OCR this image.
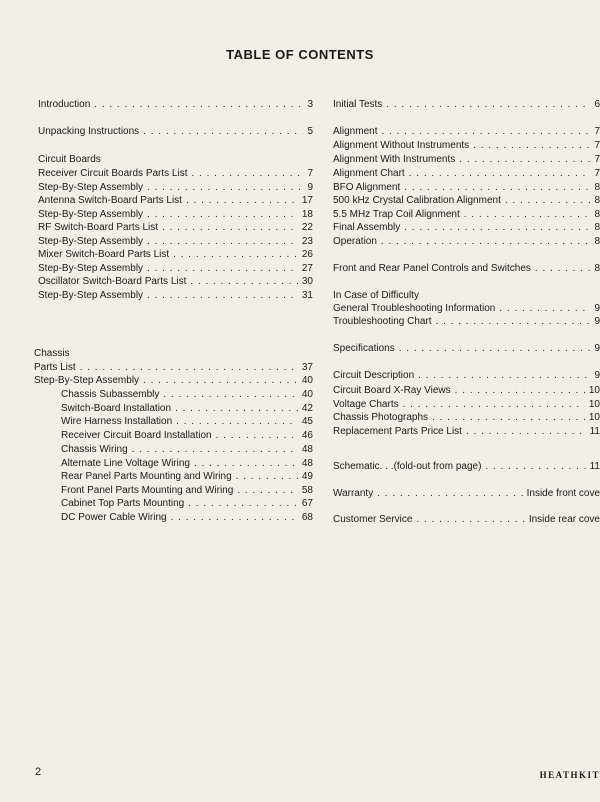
TABLE OF CONTENTS
Introduction . . .	3
Unpacking Instructions . . .	5
Circuit Boards
Receiver Circuit Boards Parts List . . .	7
Step-By-Step Assembly . . .	9
Antenna Switch-Board Parts List . . .	17
Step-By-Step Assembly . . .	18
RF Switch-Board Parts List . . .	22
Step-By-Step Assembly . . .	23
Mixer Switch-Board Parts List . . .	26
Step-By-Step Assembly . . .	27
Oscillator Switch-Board Parts List . . .	30
Step-By-Step Assembly . . .	31
Chassis
Parts List . . .	37
Step-By-Step Assembly . . .	40
Chassis Subassembly . . .	40
Switch-Board Installation . . .	42
Wire Harness Installation . . .	45
Receiver Circuit Board Installation . . .	46
Chassis Wiring . . .	48
Alternate Line Voltage Wiring . . .	48
Rear Panel Parts Mounting and Wiring . . .	49
Front Panel Parts Mounting and Wiring . . .	58
Cabinet Top Parts Mounting . . .	67
DC Power Cable Wiring . . .	68
Initial Tests . . .	6
Alignment . . .	7
Alignment Without Instruments . . .	7
Alignment With Instruments . . .	7
Alignment Chart . . .	7
BFO Alignment . . .	8
500 kHz Crystal Calibration Alignment . . .	8
5.5 MHz Trap Coil Alignment . . .	8
Final Assembly . . .	8
Operation . . .	8
Front and Rear Panel Controls and Switches . . .	8
In Case of Difficulty
General Troubleshooting Information . . .	9
Troubleshooting Chart . . .	9
Specifications . . .	9
Circuit Description . . .	9
Circuit Board X-Ray Views . . .	10
Voltage Charts . . .	10
Chassis Photographs . . .	10
Replacement Parts Price List . . .	11
Schematic. . .(fold-out from page) . . .	11
Warranty . . .	Inside front cove
Customer Service . . .	Inside rear cove
2	HEATHKIT
